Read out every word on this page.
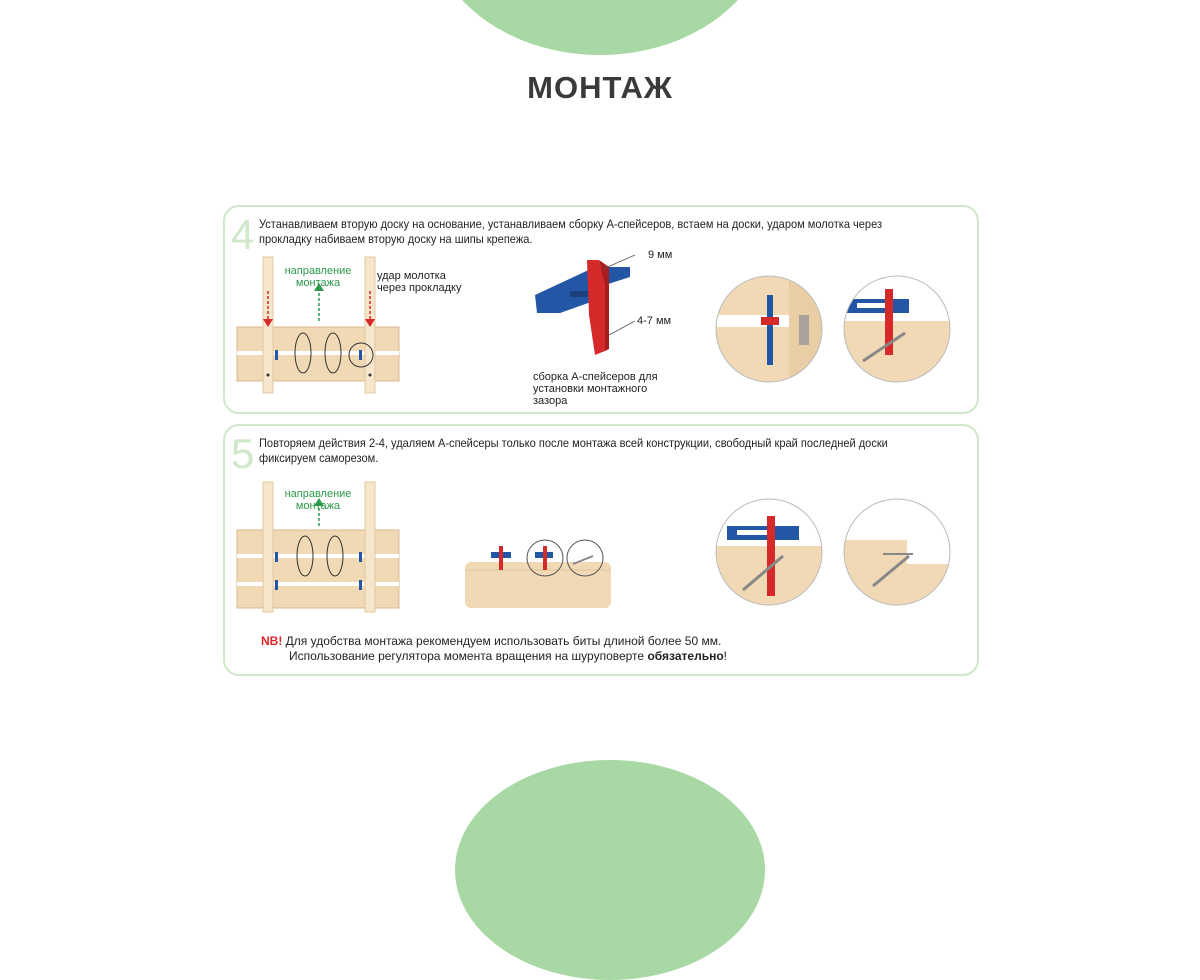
МОНТАЖ
4 Устанавливаем вторую доску на основание, устанавливаем сборку А-спейсеров, встаем на доски, ударом молотка через прокладку набиваем вторую доску на шипы крепежа.
направление монтажа
удар молотка через прокладку
9 мм
4-7 мм
сборка А-спейсеров для установки монтажного зазора
5 Повторяем действия 2-4, удаляем А-спейсеры только после монтажа всей конструкции, свободный край последней доски фиксируем саморезом.
направление монтажа
NB! Для удобства монтажа рекомендуем использовать биты длиной более 50 мм.
Использование регулятора момента вращения на шуруповерте обязательно!
